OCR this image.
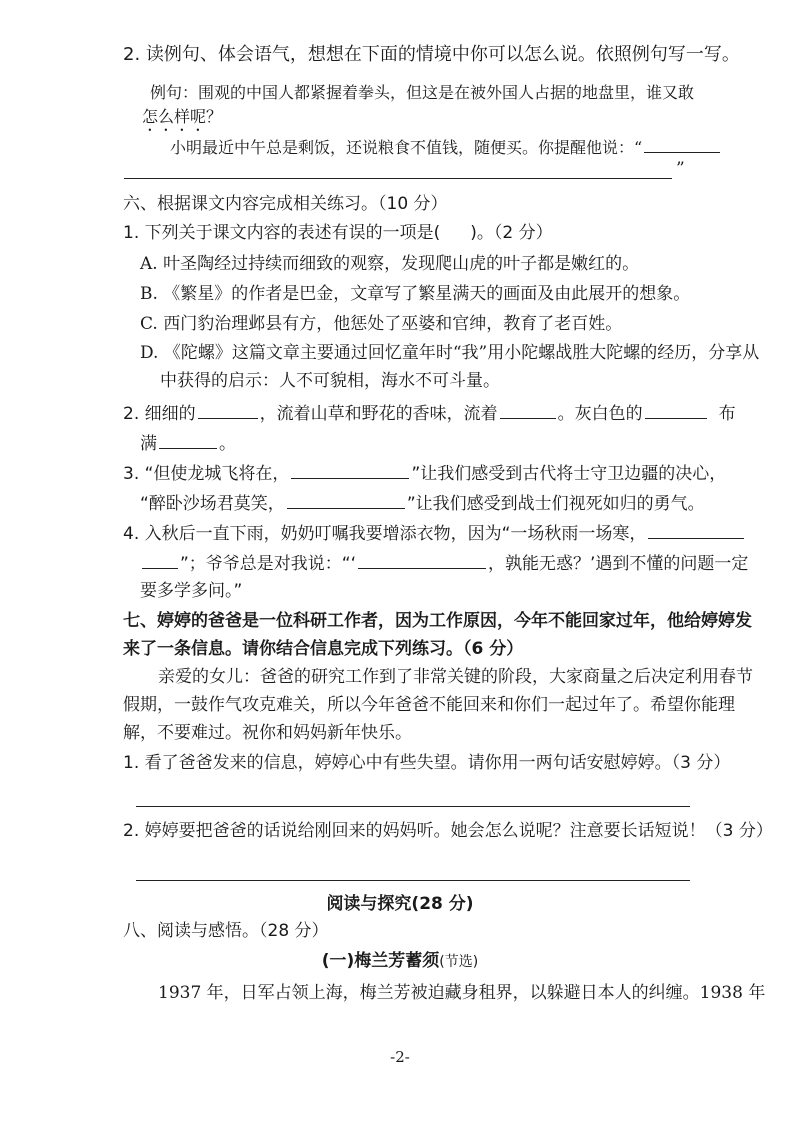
2. 读例句、体会语气，想想在下面的情境中你可以怎么说。依照例句写一写。
例句：围观的中国人都紧握着拳头，但这是在被外国人占据的地盘里，谁又敢
怎么样呢？
小明最近中午总是剩饭，还说粮食不值钱，随便买。你提醒他说：“
”
六、根据课文内容完成相关练习。（10 分）
1. 下列关于课文内容的表述有误的一项是( )。（2 分）
A. 叶圣陶经过持续而细致的观察，发现爬山虎的叶子都是嫩红的。
B. 《繁星》的作者是巴金，文章写了繁星满天的画面及由此展开的想象。
C. 西门豹治理邺县有方，他惩处了巫婆和官绅，教育了老百姓。
D. 《陀螺》这篇文章主要通过回忆童年时“我”用小陀螺战胜大陀螺的经历，分享从
中获得的启示：人不可貌相，海水不可斗量。
2. 细细的	，流着山草和野花的香味，流着	。灰白色的	布
满	。
3. “但使龙城飞将在，	”让我们感受到古代将士守卫边疆的决心，
“醉卧沙场君莫笑，	”让我们感受到战士们视死如归的勇气。
4. 入秋后一直下雨，奶奶叮嘱我要增添衣物，因为“一场秋雨一场寒，
”；爷爷总是对我说：“‘	，孰能无惑？’遇到不懂的问题一定
要多学多问。”
七、婷婷的爸爸是一位科研工作者，因为工作原因，今年不能回家过年，他给婷婷发
来了一条信息。请你结合信息完成下列练习。（6 分）
亲爱的女儿：爸爸的研究工作到了非常关键的阶段，大家商量之后决定利用春节
假期，一鼓作气攻克难关，所以今年爸爸不能回来和你们一起过年了。希望你能理
解，不要难过。祝你和妈妈新年快乐。
1. 看了爸爸发来的信息，婷婷心中有些失望。请你用一两句话安慰婷婷。（3 分）
2. 婷婷要把爸爸的话说给刚回来的妈妈听。她会怎么说呢？注意要长话短说！（3 分）
阅读与探究(28 分)
八、阅读与感悟。（28 分）
(一)梅兰芳蓄须(节选)
1937 年，日军占领上海，梅兰芳被迫藏身租界，以躲避日本人的纠缠。1938 年
-2-
